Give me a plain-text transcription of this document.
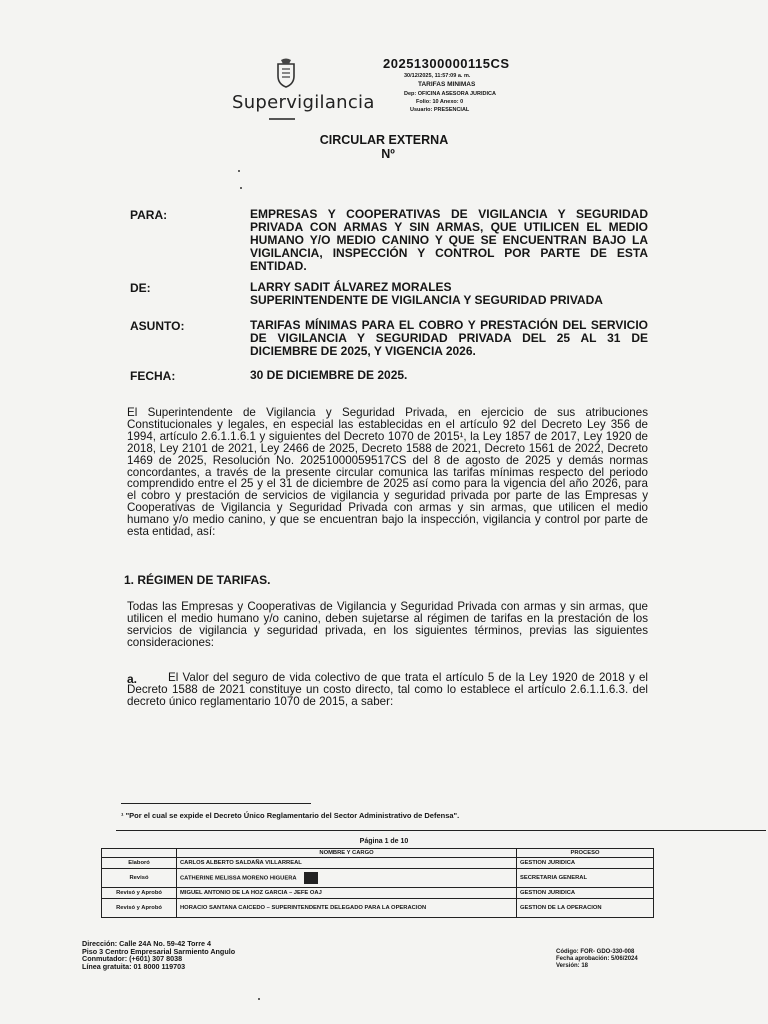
Supervigilancia
20251300000115CS
30/12/2025, 11:57:09 a. m.
TARIFAS MINIMAS
Dep: OFICINA ASESORA JURIDICA
Folio: 10 Anexo: 0
Usuario: PRESENCIAL
CIRCULAR EXTERNA
Nº
PARA:	EMPRESAS Y COOPERATIVAS DE VIGILANCIA Y SEGURIDAD PRIVADA CON ARMAS Y SIN ARMAS, QUE UTILICEN EL MEDIO HUMANO Y/O MEDIO CANINO Y QUE SE ENCUENTRAN BAJO LA VIGILANCIA, INSPECCIÓN Y CONTROL POR PARTE DE ESTA ENTIDAD.
DE:	LARRY SADIT ÁLVAREZ MORALES
SUPERINTENDENTE DE VIGILANCIA Y SEGURIDAD PRIVADA
ASUNTO:	TARIFAS MÍNIMAS PARA EL COBRO Y PRESTACIÓN DEL SERVICIO DE VIGILANCIA Y SEGURIDAD PRIVADA DEL 25 AL 31 DE DICIEMBRE DE 2025, Y VIGENCIA 2026.
FECHA:	30 DE DICIEMBRE DE 2025.
El Superintendente de Vigilancia y Seguridad Privada, en ejercicio de sus atribuciones Constitucionales y legales, en especial las establecidas en el artículo 92 del Decreto Ley 356 de 1994, artículo 2.6.1.1.6.1 y siguientes del Decreto 1070 de 2015¹, la Ley 1857 de 2017, Ley 1920 de 2018, Ley 2101 de 2021, Ley 2466 de 2025, Decreto 1588 de 2021, Decreto 1561 de 2022, Decreto 1469 de 2025, Resolución No. 20251000059517CS del 8 de agosto de 2025 y demás normas concordantes, a través de la presente circular comunica las tarifas mínimas respecto del periodo comprendido entre el 25 y el 31 de diciembre de 2025 así como para la vigencia del año 2026, para el cobro y prestación de servicios de vigilancia y seguridad privada por parte de las Empresas y Cooperativas de Vigilancia y Seguridad Privada con armas y sin armas, que utilicen el medio humano y/o medio canino, y que se encuentran bajo la inspección, vigilancia y control por parte de esta entidad, así:
1. RÉGIMEN DE TARIFAS.
Todas las Empresas y Cooperativas de Vigilancia y Seguridad Privada con armas y sin armas, que utilicen el medio humano y/o canino, deben sujetarse al régimen de tarifas en la prestación de los servicios de vigilancia y seguridad privada, en los siguientes términos, previas las siguientes consideraciones:
a.	El Valor del seguro de vida colectivo de que trata el artículo 5 de la Ley 1920 de 2018 y el Decreto 1588 de 2021 constituye un costo directo, tal como lo establece el artículo 2.6.1.1.6.3. del decreto único reglamentario 1070 de 2015, a saber:
¹ "Por el cual se expide el Decreto Único Reglamentario del Sector Administrativo de Defensa".
Página 1 de 10
	NOMBRE Y CARGO	PROCESO
Elaboró	CARLOS ALBERTO SALDAÑA VILLARREAL	GESTION JURIDICA
Revisó	CATHERINE MELISSA MORENO HIGUERA	SECRETARIA GENERAL
Revisó y Aprobó	MIGUEL ANTONIO DE LA HOZ GARCIA – JEFE OAJ	GESTION JURIDICA
Revisó y Aprobó	HORACIO SANTANA CAICEDO – SUPERINTENDENTE DELEGADO PARA LA OPERACION	GESTION DE LA OPERACION
Dirección: Calle 24A No. 59-42 Torre 4
Piso 3 Centro Empresarial Sarmiento Angulo
Conmutador: (+601) 307 8038
Línea gratuita: 01 8000 119703
Código: FOR- GDO-330-008
Fecha aprobación: 5/06/2024
Versión: 18
